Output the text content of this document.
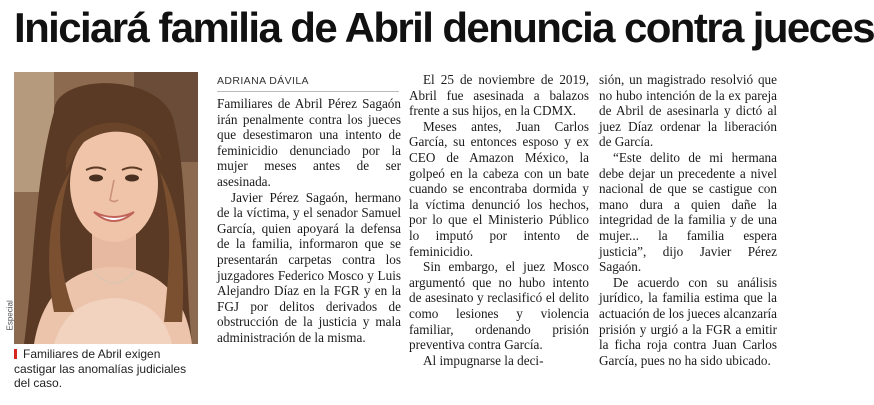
Iniciará familia de Abril denuncia contra jueces
Especial
Familiares de Abril exigen castigar las anomalías judiciales del caso.
ADRIANA DÁVILA

Familiares de Abril Pérez Sagaón irán penalmente contra los jueces que desestimaron una intento de feminicidio denunciado por la mujer meses antes de ser asesinada.

Javier Pérez Sagaón, hermano de la víctima, y el senador Samuel García, quien apoyará la defensa de la familia, informaron que se presentarán carpetas contra los juzgadores Federico Mosco y Luis Alejandro Díaz en la FGR y en la FGJ por delitos derivados de obstrucción de la justicia y mala administración de la misma.

El 25 de noviembre de 2019, Abril fue asesinada a balazos frente a sus hijos, en la CDMX.

Meses antes, Juan Carlos García, su entonces esposo y ex CEO de Amazon México, la golpeó en la cabeza con un bate cuando se encontraba dormida y la víctima denunció los hechos, por lo que el Ministerio Público lo imputó por intento de feminicidio.

Sin embargo, el juez Mosco argumentó que no hubo intento de asesinato y reclasificó el delito como lesiones y violencia familiar, ordenando prisión preventiva contra García.

Al impugnarse la deci-

sión, un magistrado resolvió que no hubo intención de la ex pareja de Abril de asesinarla y dictó al juez Díaz ordenar la liberación de García.

“Este delito de mi hermana debe dejar un precedente a nivel nacional de que se castigue con mano dura a quien dañe la integridad de la familia y de una mujer... la familia espera justicia”, dijo Javier Pérez Sagaón.

De acuerdo con su análisis jurídico, la familia estima que la actuación de los jueces alcanzaría prisión y urgió a la FGR a emitir la ficha roja contra Juan Carlos García, pues no ha sido ubicado.
